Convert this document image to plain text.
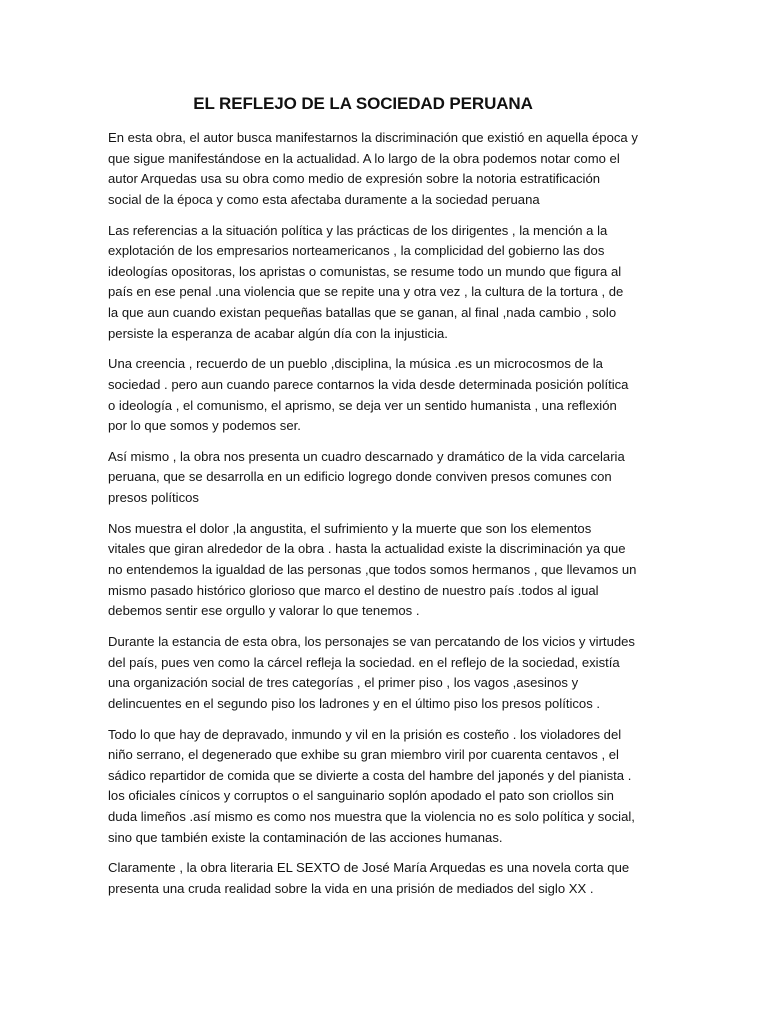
EL REFLEJO DE LA SOCIEDAD PERUANA

En esta obra, el autor busca manifestarnos la discriminación que existió en aquella época y
que sigue manifestándose en la actualidad. A lo largo de la obra podemos notar como el
autor Arquedas usa su obra como medio de expresión sobre la notoria estratificación
social de la época y como esta afectaba duramente a la sociedad peruana

Las referencias a la situación política y las prácticas de los dirigentes , la mención a la
explotación de los empresarios norteamericanos , la complicidad del gobierno las dos
ideologías opositoras, los apristas o comunistas, se resume todo un mundo que figura al
país en ese penal .una violencia que se repite una y otra vez , la cultura de la tortura , de
la que aun cuando existan pequeñas batallas que se ganan, al final ,nada cambio , solo
persiste la esperanza de acabar algún día con la injusticia.

Una creencia , recuerdo de un pueblo ,disciplina, la música .es un microcosmos de la
sociedad . pero aun cuando parece contarnos la vida desde determinada posición política
o ideología , el comunismo, el aprismo, se deja ver un sentido humanista , una reflexión
por lo que somos y podemos ser.

Así mismo , la obra nos presenta un cuadro descarnado y dramático de la vida carcelaria
peruana, que se desarrolla en un edificio logrego donde conviven presos comunes con
presos políticos

Nos muestra el dolor ,la angustita, el sufrimiento y la muerte que son los elementos
vitales que giran alrededor de la obra . hasta la actualidad existe la discriminación ya que
no entendemos la igualdad de las personas ,que todos somos hermanos , que llevamos un
mismo pasado histórico glorioso que marco el destino de nuestro país .todos al igual
debemos sentir ese orgullo y valorar lo que tenemos .

Durante la estancia de esta obra, los personajes se van percatando de los vicios y virtudes
del país, pues ven como la cárcel refleja la sociedad. en el reflejo de la sociedad, existía
una organización social de tres categorías , el primer piso , los vagos ,asesinos y
delincuentes en el segundo piso los ladrones y en el último piso los presos políticos .

Todo lo que hay de depravado, inmundo y vil en la prisión es costeño . los violadores del
niño serrano, el degenerado que exhibe su gran miembro viril por cuarenta centavos , el
sádico repartidor de comida que se divierte a costa del hambre del japonés y del pianista .
los oficiales cínicos y corruptos o el sanguinario soplón apodado el pato son criollos sin
duda limeños .así mismo es como nos muestra que la violencia no es solo política y social,
sino que también existe la contaminación de las acciones humanas.

Claramente , la obra literaria EL SEXTO de José María Arquedas es una novela corta que
presenta una cruda realidad sobre la vida en una prisión de mediados del siglo XX .
